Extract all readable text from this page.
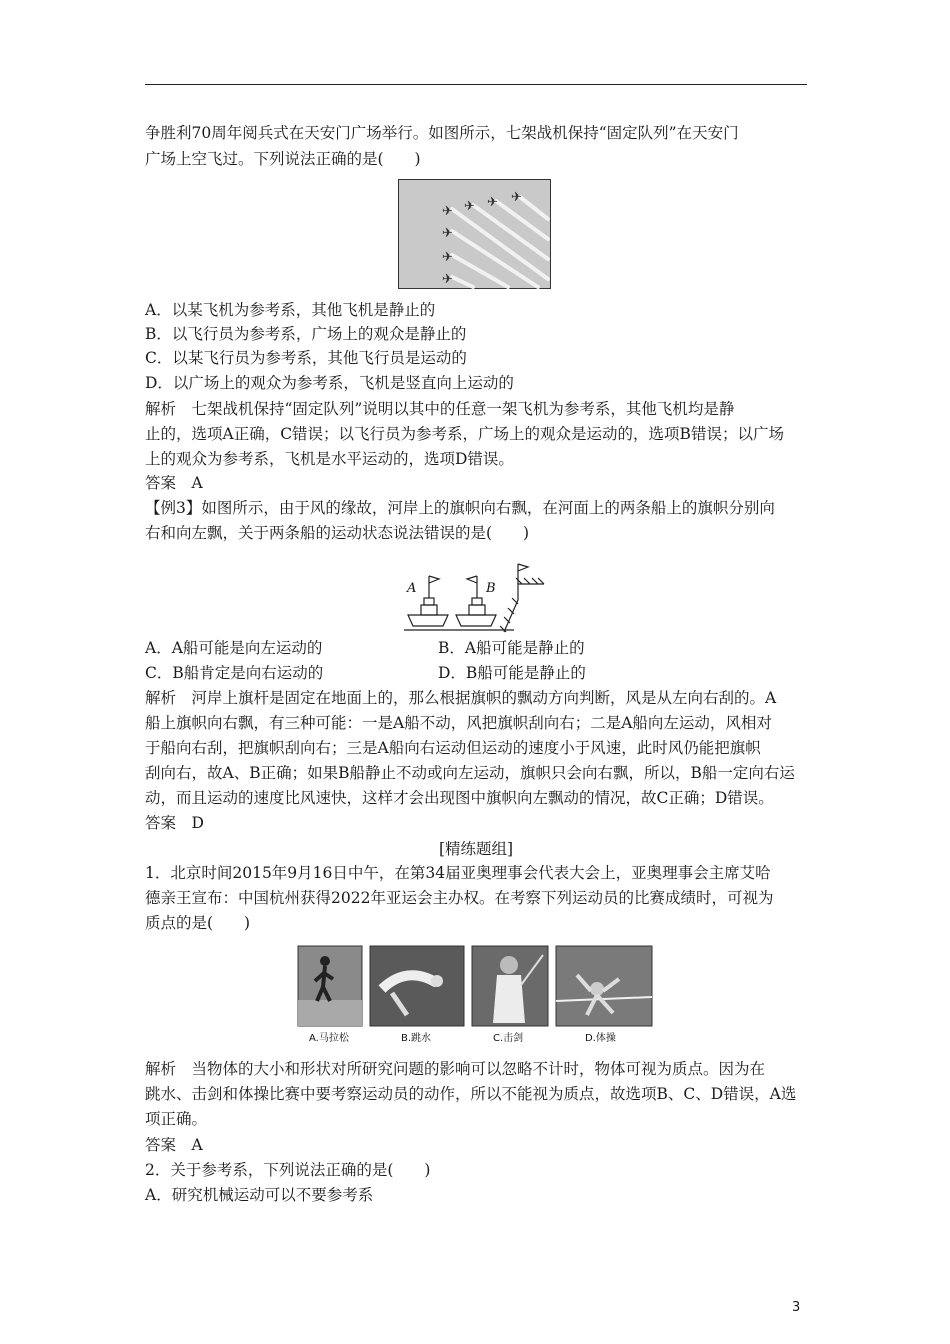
争胜利70周年阅兵式在天安门广场举行。如图所示，七架战机保持“固定队列”在天安门
广场上空飞过。下列说法正确的是(　　)
✈ ✈ ✈ ✈
✈
✈
✈
A．以某飞机为参考系，其他飞机是静止的
B．以飞行员为参考系，广场上的观众是静止的
C．以某飞行员为参考系，其他飞行员是运动的
D．以广场上的观众为参考系，飞机是竖直向上运动的
解析　七架战机保持“固定队列”说明以其中的任意一架飞机为参考系，其他飞机均是静
止的，选项A正确，C错误；以飞行员为参考系，广场上的观众是运动的，选项B错误；以广场
上的观众为参考系，飞机是水平运动的，选项D错误。
答案　A
【例3】如图所示，由于风的缘故，河岸上的旗帜向右飘，在河面上的两条船上的旗帜分别向
右和向左飘，关于两条船的运动状态说法错误的是(　　)
A	B
A．A船可能是向左运动的	B．A船可能是静止的
C．B船肯定是向右运动的	D．B船可能是静止的
解析　河岸上旗杆是固定在地面上的，那么根据旗帜的飘动方向判断，风是从左向右刮的。A
船上旗帜向右飘，有三种可能：一是A船不动，风把旗帜刮向右；二是A船向左运动，风相对
于船向右刮，把旗帜刮向右；三是A船向右运动但运动的速度小于风速，此时风仍能把旗帜
刮向右，故A、B正确；如果B船静止不动或向左运动，旗帜只会向右飘，所以，B船一定向右运
动，而且运动的速度比风速快，这样才会出现图中旗帜向左飘动的情况，故C正确；D错误。
答案　D
[精练题组]
1．北京时间2015年9月16日中午，在第34届亚奥理事会代表大会上，亚奥理事会主席艾哈
德亲王宣布：中国杭州获得2022年亚运会主办权。在考察下列运动员的比赛成绩时，可视为
质点的是(　　)
A.马拉松	B.跳水	C.击剑	D.体操
解析　当物体的大小和形状对所研究问题的影响可以忽略不计时，物体可视为质点。因为在
跳水、击剑和体操比赛中要考察运动员的动作，所以不能视为质点，故选项B、C、D错误，A选
项正确。
答案　A
2．关于参考系，下列说法正确的是(　　)
A．研究机械运动可以不要参考系
3
